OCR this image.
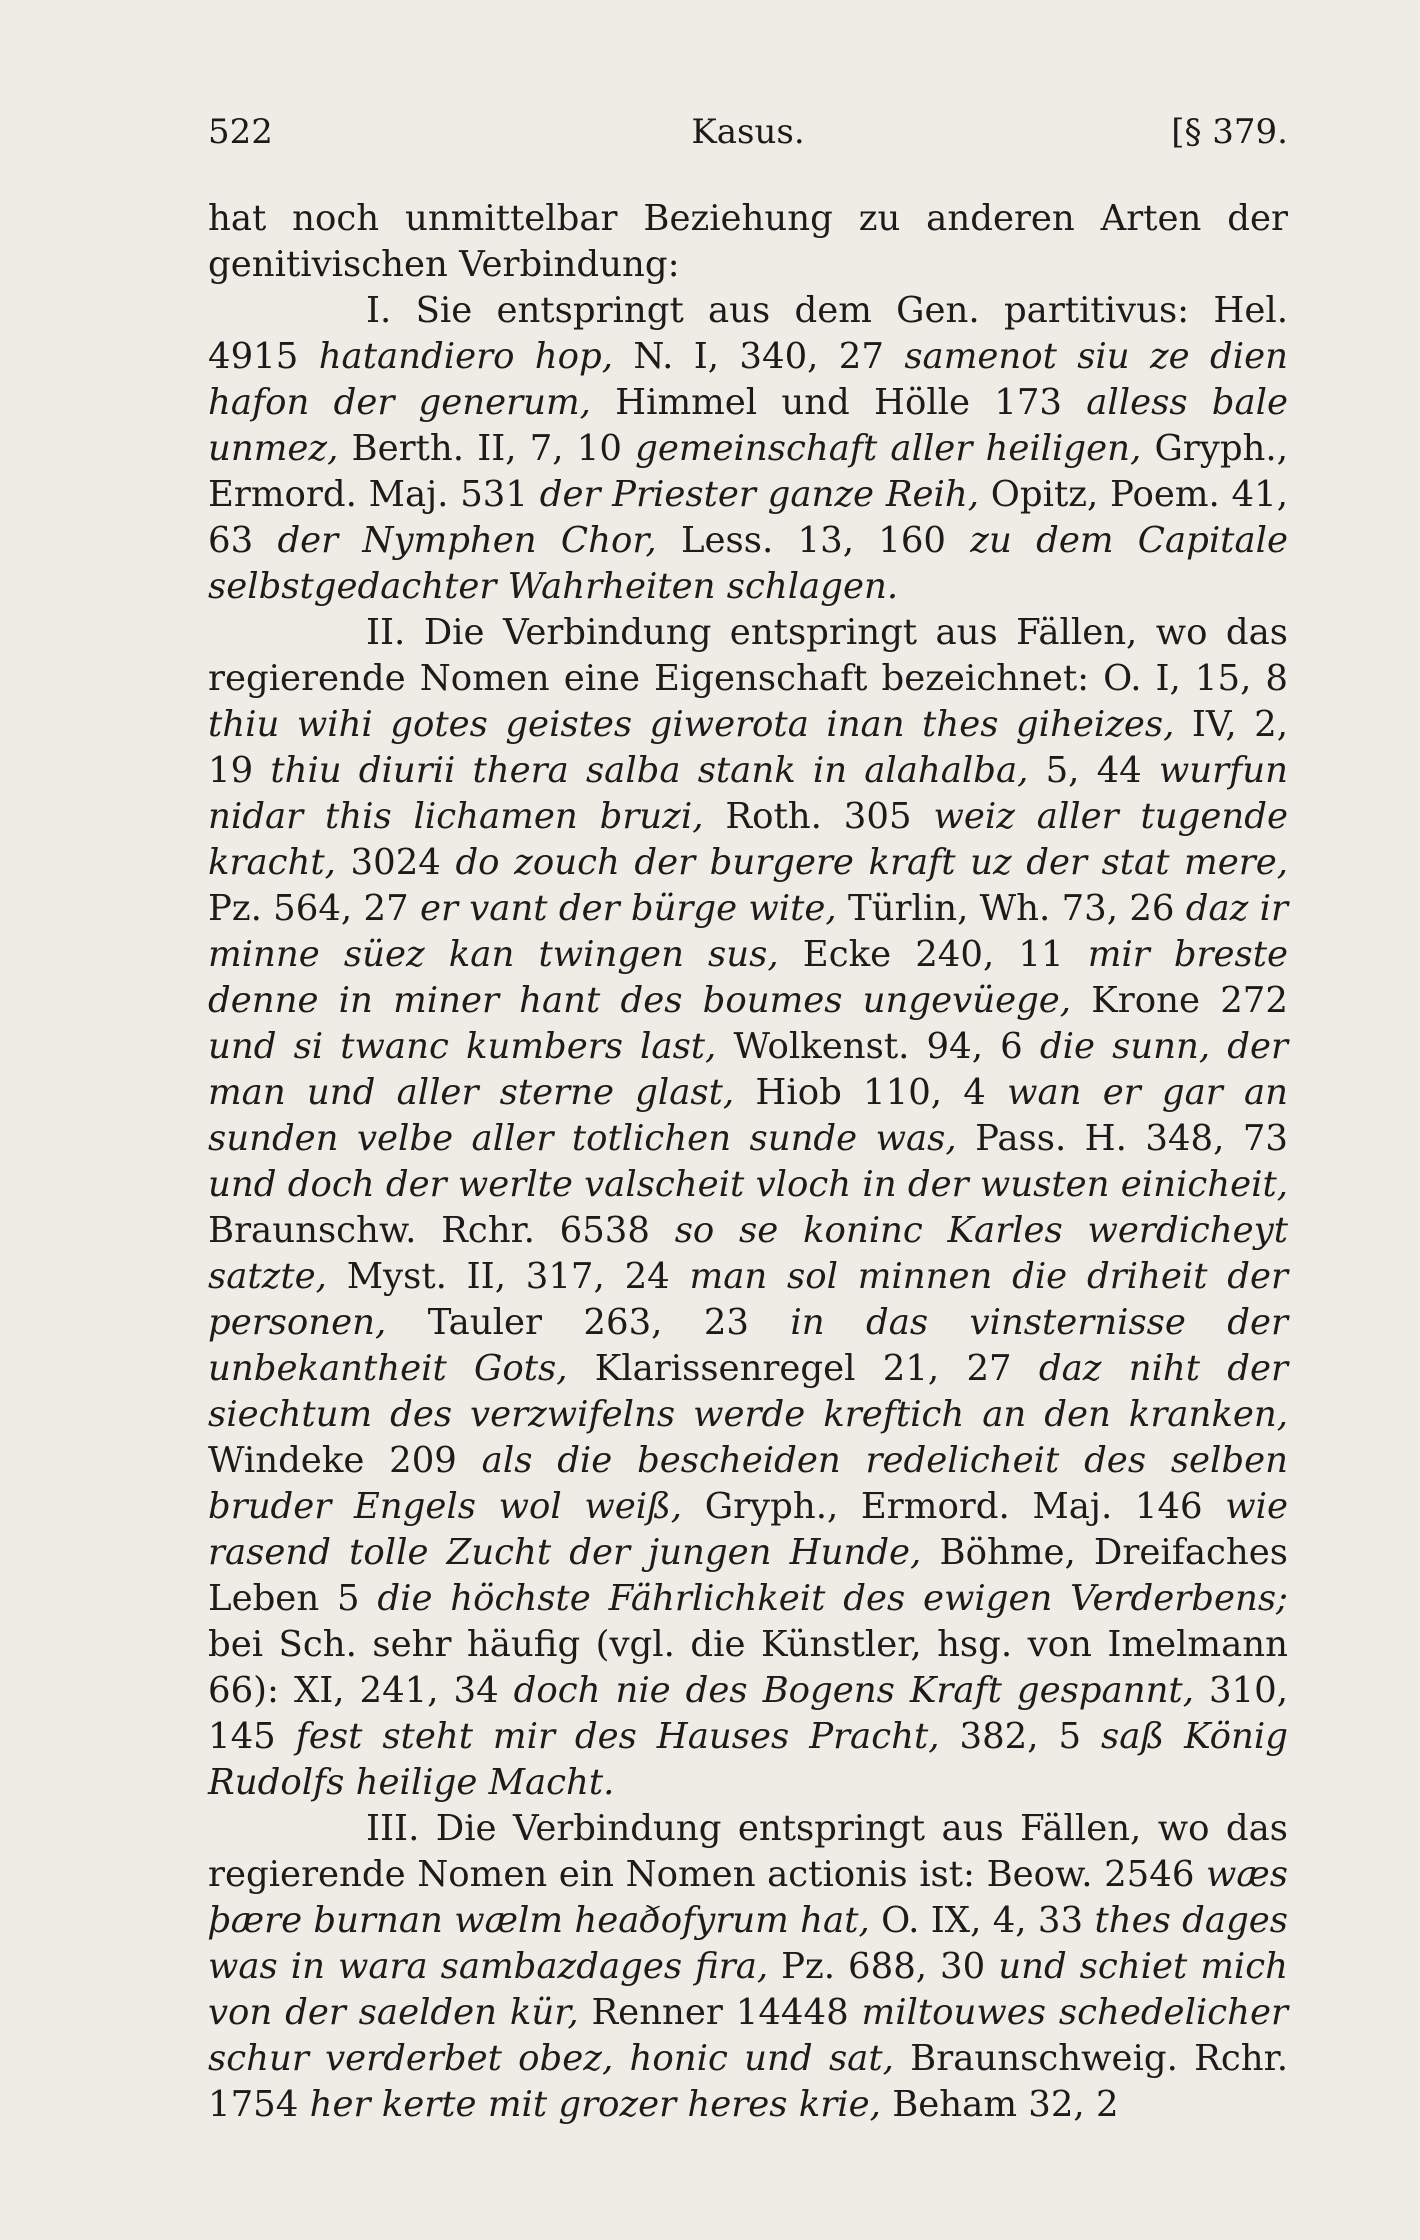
522	Kasus.	[§ 379.

hat noch unmittelbar Beziehung zu anderen Arten der genitivischen Verbindung:

I. Sie entspringt aus dem Gen. partitivus: Hel. 4915 hatandiero hop, N. I, 340, 27 samenot siu ze dien hafon der generum, Himmel und Hölle 173 alless bale unmez, Berth. II, 7, 10 gemeinschaft aller heiligen, Gryph., Ermord. Maj. 531 der Priester ganze Reih, Opitz, Poem. 41, 63 der Nymphen Chor, Less. 13, 160 zu dem Capitale selbstgedachter Wahrheiten schlagen.

II. Die Verbindung entspringt aus Fällen, wo das regierende Nomen eine Eigenschaft bezeichnet: O. I, 15, 8 thiu wihi gotes geistes giwerota inan thes giheizes, IV, 2, 19 thiu diurii thera salba stank in alahalba, 5, 44 wurfun nidar this lichamen bruzi, Roth. 305 weiz aller tugende kracht, 3024 do zouch der burgere kraft uz der stat mere, Pz. 564, 27 er vant der bürge wite, Türlin, Wh. 73, 26 daz ir minne süez kan twingen sus, Ecke 240, 11 mir breste denne in miner hant des boumes ungevüege, Krone 272 und si twanc kumbers last, Wolkenst. 94, 6 die sunn, der man und aller sterne glast, Hiob 110, 4 wan er gar an sunden velbe aller totlichen sunde was, Pass. H. 348, 73 und doch der werlte valscheit vloch in der wusten einicheit, Braunschw. Rchr. 6538 so se koninc Karles werdicheyt satzte, Myst. II, 317, 24 man sol minnen die driheit der personen, Tauler 263, 23 in das vinsternisse der unbekantheit Gots, Klarissenregel 21, 27 daz niht der siechtum des verzwifelns werde kreftich an den kranken, Windeke 209 als die bescheiden redelicheit des selben bruder Engels wol weiß, Gryph., Ermord. Maj. 146 wie rasend tolle Zucht der jungen Hunde, Böhme, Dreifaches Leben 5 die höchste Fährlichkeit des ewigen Verderbens; bei Sch. sehr häufig (vgl. die Künstler, hsg. von Imelmann 66): XI, 241, 34 doch nie des Bogens Kraft gespannt, 310, 145 fest steht mir des Hauses Pracht, 382, 5 saß König Rudolfs heilige Macht.

III. Die Verbindung entspringt aus Fällen, wo das regierende Nomen ein Nomen actionis ist: Beow. 2546 wæs þære burnan wælm heaðofyrum hat, O. IX, 4, 33 thes dages was in wara sambazdages fira, Pz. 688, 30 und schiet mich von der saelden kür, Renner 14448 miltouwes schedelicher schur verderbet obez, honic und sat, Braunschweig. Rchr. 1754 her kerte mit grozer heres krie, Beham 32, 2
